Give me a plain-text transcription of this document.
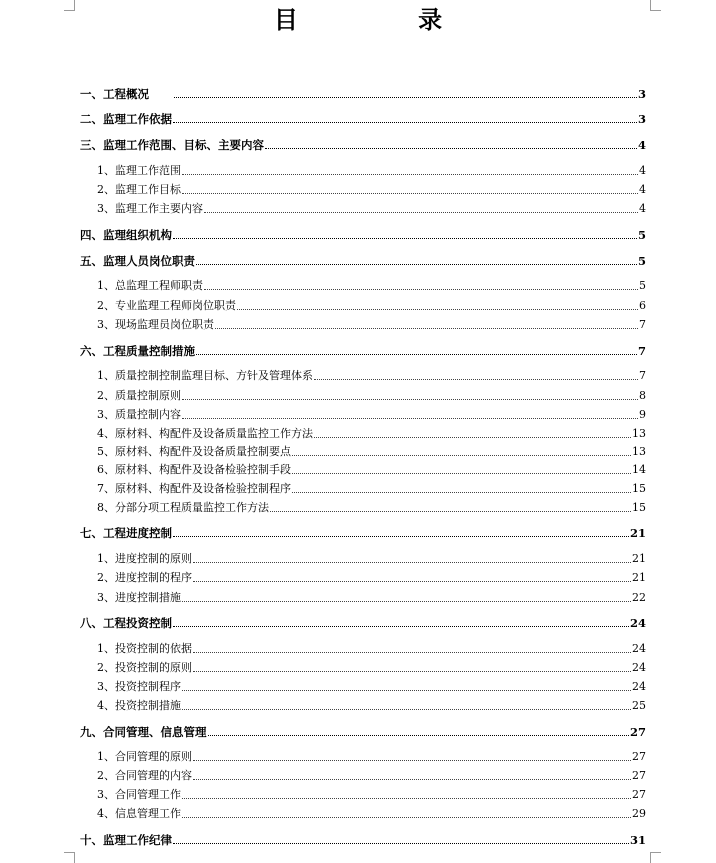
目 录
一、工程概况	3
二、监理工作依据	3
三、监理工作范围、目标、主要内容	4
1、监理工作范围	4
2、监理工作目标	4
3、监理工作主要内容	4
四、监理组织机构	5
五、监理人员岗位职责	5
1、总监理工程师职责	5
2、专业监理工程师岗位职责	6
3、现场监理员岗位职责	7
六、工程质量控制措施	7
1、质量控制控制监理目标、方针及管理体系	7
2、质量控制原则	8
3、质量控制内容	9
4、原材料、构配件及设备质量监控工作方法	13
5、原材料、构配件及设备质量控制要点	13
6、原材料、构配件及设备检验控制手段	14
7、原材料、构配件及设备检验控制程序	15
8、分部分项工程质量监控工作方法	15
七、工程进度控制	21
1、进度控制的原则	21
2、进度控制的程序	21
3、进度控制措施	22
八、工程投资控制	24
1、投资控制的依据	24
2、投资控制的原则	24
3、投资控制程序	24
4、投资控制措施	25
九、合同管理、信息管理	27
1、合同管理的原则	27
2、合同管理的内容	27
3、合同管理工作	27
4、信息管理工作	29
十、监理工作纪律	31
